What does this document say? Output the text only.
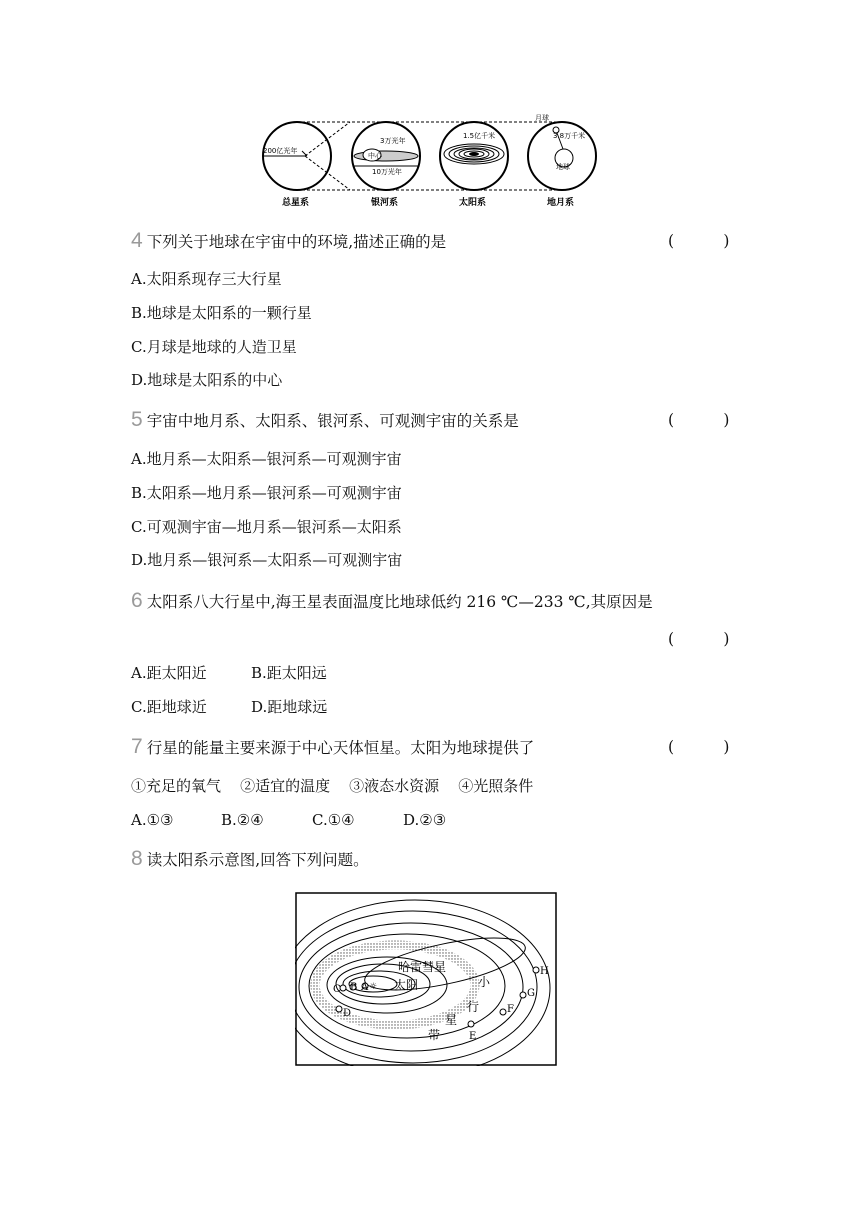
200亿光年
3万光年
中心
10万光年
1.5亿千米
月球
3.8万千米
地球
总星系	银河系	太阳系	地月系
4 下列关于地球在宇宙中的环境,描述正确的是	(          )
A.太阳系现存三大行星
B.地球是太阳系的一颗行星
C.月球是地球的人造卫星
D.地球是太阳系的中心
5 宇宙中地月系、太阳系、银河系、可观测宇宙的关系是	(          )
A.地月系—太阳系—银河系—可观测宇宙
B.太阳系—地月系—银河系—可观测宇宙
C.可观测宇宙—地月系—银河系—太阳系
D.地月系—银河系—太阳系—可观测宇宙
6 太阳系八大行星中,海王星表面温度比地球低约 216 ℃—233 ℃,其原因是
(          )
A.距太阳近	B.距太阳远
C.距地球近	D.距地球远
7 行星的能量主要来源于中心天体恒星。太阳为地球提供了	(          )
①充足的氧气    ②适宜的温度    ③液态水资源    ④光照条件
A.①③	B.②④	C.①④	D.②③
8 读太阳系示意图,回答下列问题。
☼ 太阳
哈雷彗星
小
行
星
带
A
B
C
D
E
F
G
H
